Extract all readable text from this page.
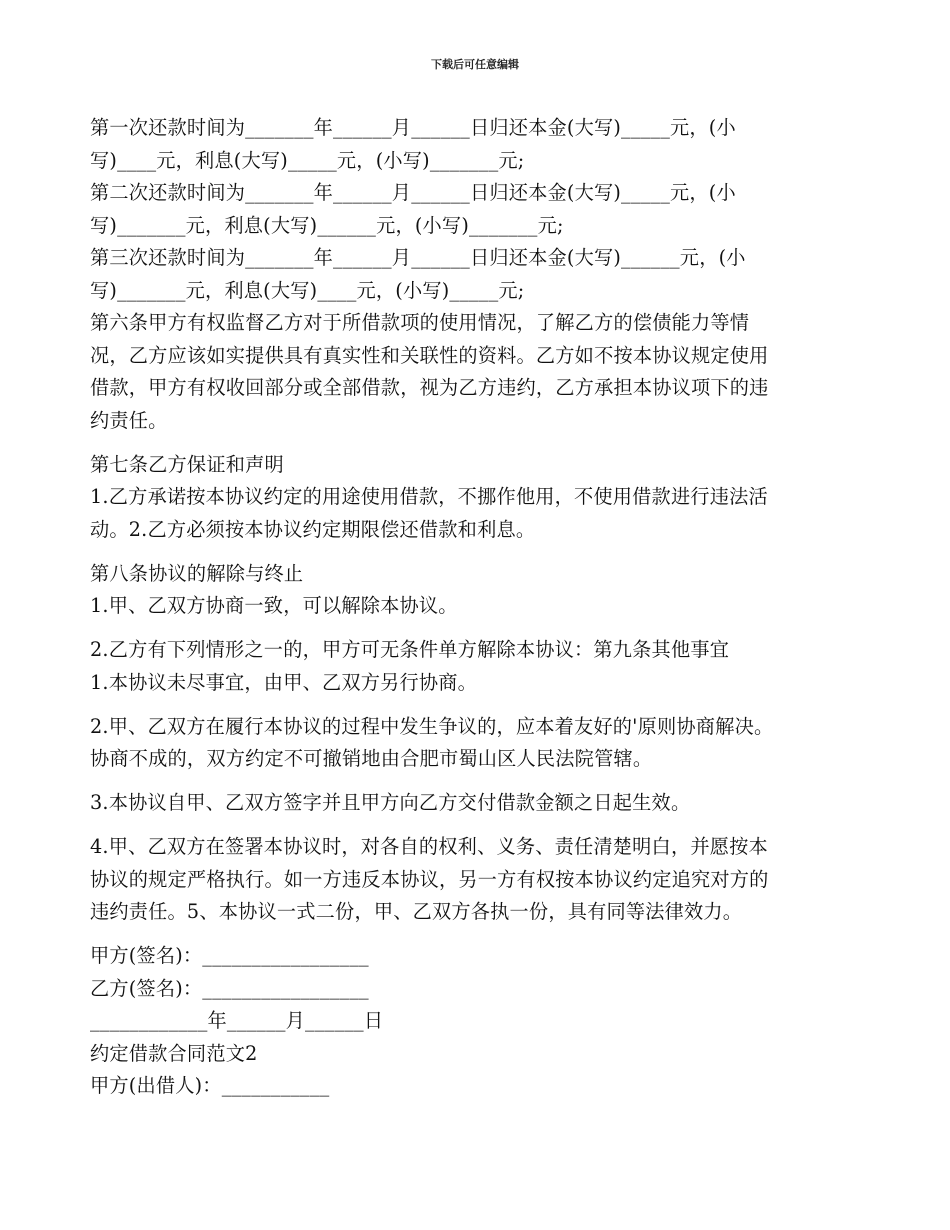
下载后可任意编辑
第一次还款时间为_______年______月______日归还本金(大写)_____元，(小
写)____元，利息(大写)_____元，(小写)_______元;
第二次还款时间为_______年______月______日归还本金(大写)_____元，(小
写)_______元，利息(大写)______元，(小写)_______元;
第三次还款时间为_______年______月______日归还本金(大写)______元，(小
写)_______元，利息(大写)____元，(小写)_____元;
第六条甲方有权监督乙方对于所借款项的使用情况，了解乙方的偿债能力等情
况，乙方应该如实提供具有真实性和关联性的资料。乙方如不按本协议规定使用
借款，甲方有权收回部分或全部借款，视为乙方违约，乙方承担本协议项下的违
约责任。
第七条乙方保证和声明
1.乙方承诺按本协议约定的用途使用借款，不挪作他用，不使用借款进行违法活
动。2.乙方必须按本协议约定期限偿还借款和利息。
第八条协议的解除与终止
1.甲、乙双方协商一致，可以解除本协议。
2.乙方有下列情形之一的，甲方可无条件单方解除本协议：第九条其他事宜
1.本协议未尽事宜，由甲、乙双方另行协商。
2.甲、乙双方在履行本协议的过程中发生争议的，应本着友好的'原则协商解决。
协商不成的，双方约定不可撤销地由合肥市蜀山区人民法院管辖。
3.本协议自甲、乙双方签字并且甲方向乙方交付借款金额之日起生效。
4.甲、乙双方在签署本协议时，对各自的权利、义务、责任清楚明白，并愿按本
协议的规定严格执行。如一方违反本协议，另一方有权按本协议约定追究对方的
违约责任。5、本协议一式二份，甲、乙双方各执一份，具有同等法律效力。
甲方(签名)：_________________
乙方(签名)：_________________
____________年______月______日
约定借款合同范文2
甲方(出借人)：___________
